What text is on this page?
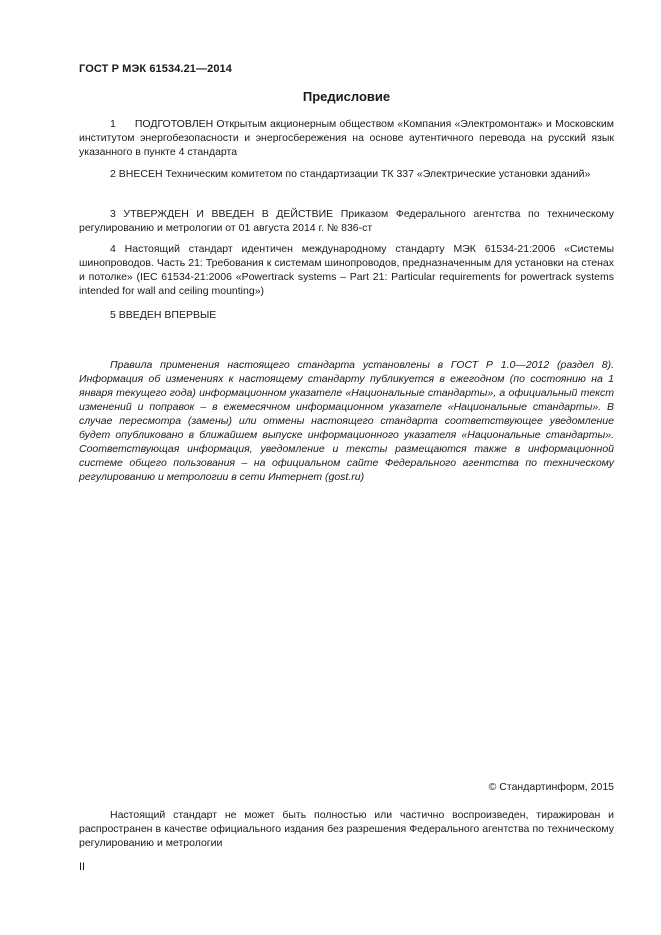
ГОСТ Р МЭК 61534.21—2014
Предисловие

1 ПОДГОТОВЛЕН Открытым акционерным обществом «Компания «Электромонтаж» и Московским институтом энергобезопасности и энергосбережения на основе аутентичного перевода на русский язык указанного в пункте 4 стандарта

2 ВНЕСЕН Техническим комитетом по стандартизации ТК 337 «Электрические установки зданий»

3 УТВЕРЖДЕН И ВВЕДЕН В ДЕЙСТВИЕ Приказом Федерального агентства по техническому регулированию и метрологии от 01 августа 2014 г. № 836-ст

4 Настоящий стандарт идентичен международному стандарту МЭК 61534-21:2006 «Системы шинопроводов. Часть 21: Требования к системам шинопроводов, предназначенным для установки на стенах и потолке» (IEC 61534-21:2006 «Powertrack systems – Part 21: Particular requirements for powertrack systems intended for wall and ceiling mounting»)

5 ВВЕДЕН ВПЕРВЫЕ

Правила применения настоящего стандарта установлены в ГОСТ Р 1.0—2012 (раздел 8). Информация об изменениях к настоящему стандарту публикуется в ежегодном (по состоянию на 1 января текущего года) информационном указателе «Национальные стандарты», а официальный текст изменений и поправок – в ежемесячном информационном указателе «Национальные стандарты». В случае пересмотра (замены) или отмены настоящего стандарта соответствующее уведомление будет опубликовано в ближайшем выпуске информационного указателя «Национальные стандарты». Соответствующая информация, уведомление и тексты размещаются также в информационной системе общего пользования – на официальном сайте Федерального агентства по техническому регулированию и метрологии в сети Интернет (gost.ru)

© Стандартинформ, 2015

Настоящий стандарт не может быть полностью или частично воспроизведен, тиражирован и распространен в качестве официального издания без разрешения Федерального агентства по техническому регулированию и метрологии

II
